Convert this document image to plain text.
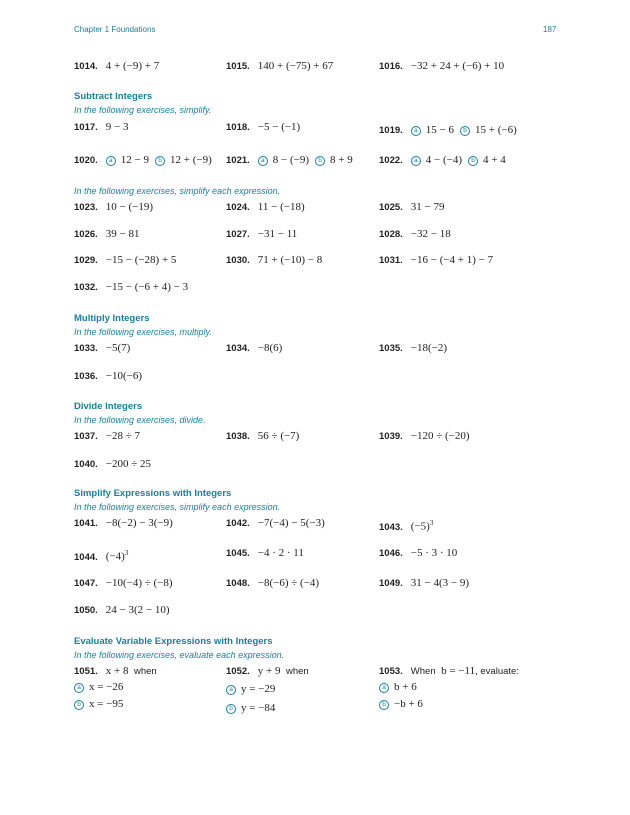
Chapter 1 Foundations	187
1014. 4 + (−9) + 7	1015. 140 + (−75) + 67	1016. −32 + 24 + (−6) + 10
Subtract Integers
In the following exercises, simplify.
1017. 9 − 3	1018. −5 − (−1)	1019.	a 15 − 6 b 15 + (−6)
1020.	a 12 − 9 b 12 + (−9) 1021.	a 8 − (−9) b 8 + 9	1022.	a 4 − (−4) b 4 + 4
In the following exercises, simplify each expression.
1023. 10 − (−19)	1024. 11 − (−18)	1025. 31 − 79
1026. 39 − 81	1027. −31 − 11	1028. −32 − 18
1029. −15 − (−28) + 5	1030. 71 + (−10) − 8	1031. −16 − (−4 + 1) − 7
1032. −15 − (−6 + 4) − 3
Multiply Integers
In the following exercises, multiply.
1033. −5(7)	1034. −8(6)	1035. −18(−2)
1036. −10(−6)
Divide Integers
In the following exercises, divide.
1037. −28 ÷ 7	1038. 56 ÷ (−7)	1039. −120 ÷ (−20)
1040. −200 ÷ 25
Simplify Expressions with Integers
In the following exercises, simplify each expression.
1041. −8(−2) − 3(−9)	1042. −7(−4) − 5(−3)	1043. $(-5)^3$
1044. $(-4)^3$	1045. −4 · 2 · 11	1046. −5 · 3 · 10
1047. −10(−4) ÷ (−8)	1048. −8(−6) ÷ (−4)	1049. 31 − 4(3 − 9)
1050. 24 − 3(2 − 10)
Evaluate Variable Expressions with Integers
In the following exercises, evaluate each expression.
1051. x + 8 when
a x = −26
b x = −95
1052. y + 9 when
a y = −29
b y = −84
1053. When b = −11, evaluate:
a b + 6
b −b + 6
